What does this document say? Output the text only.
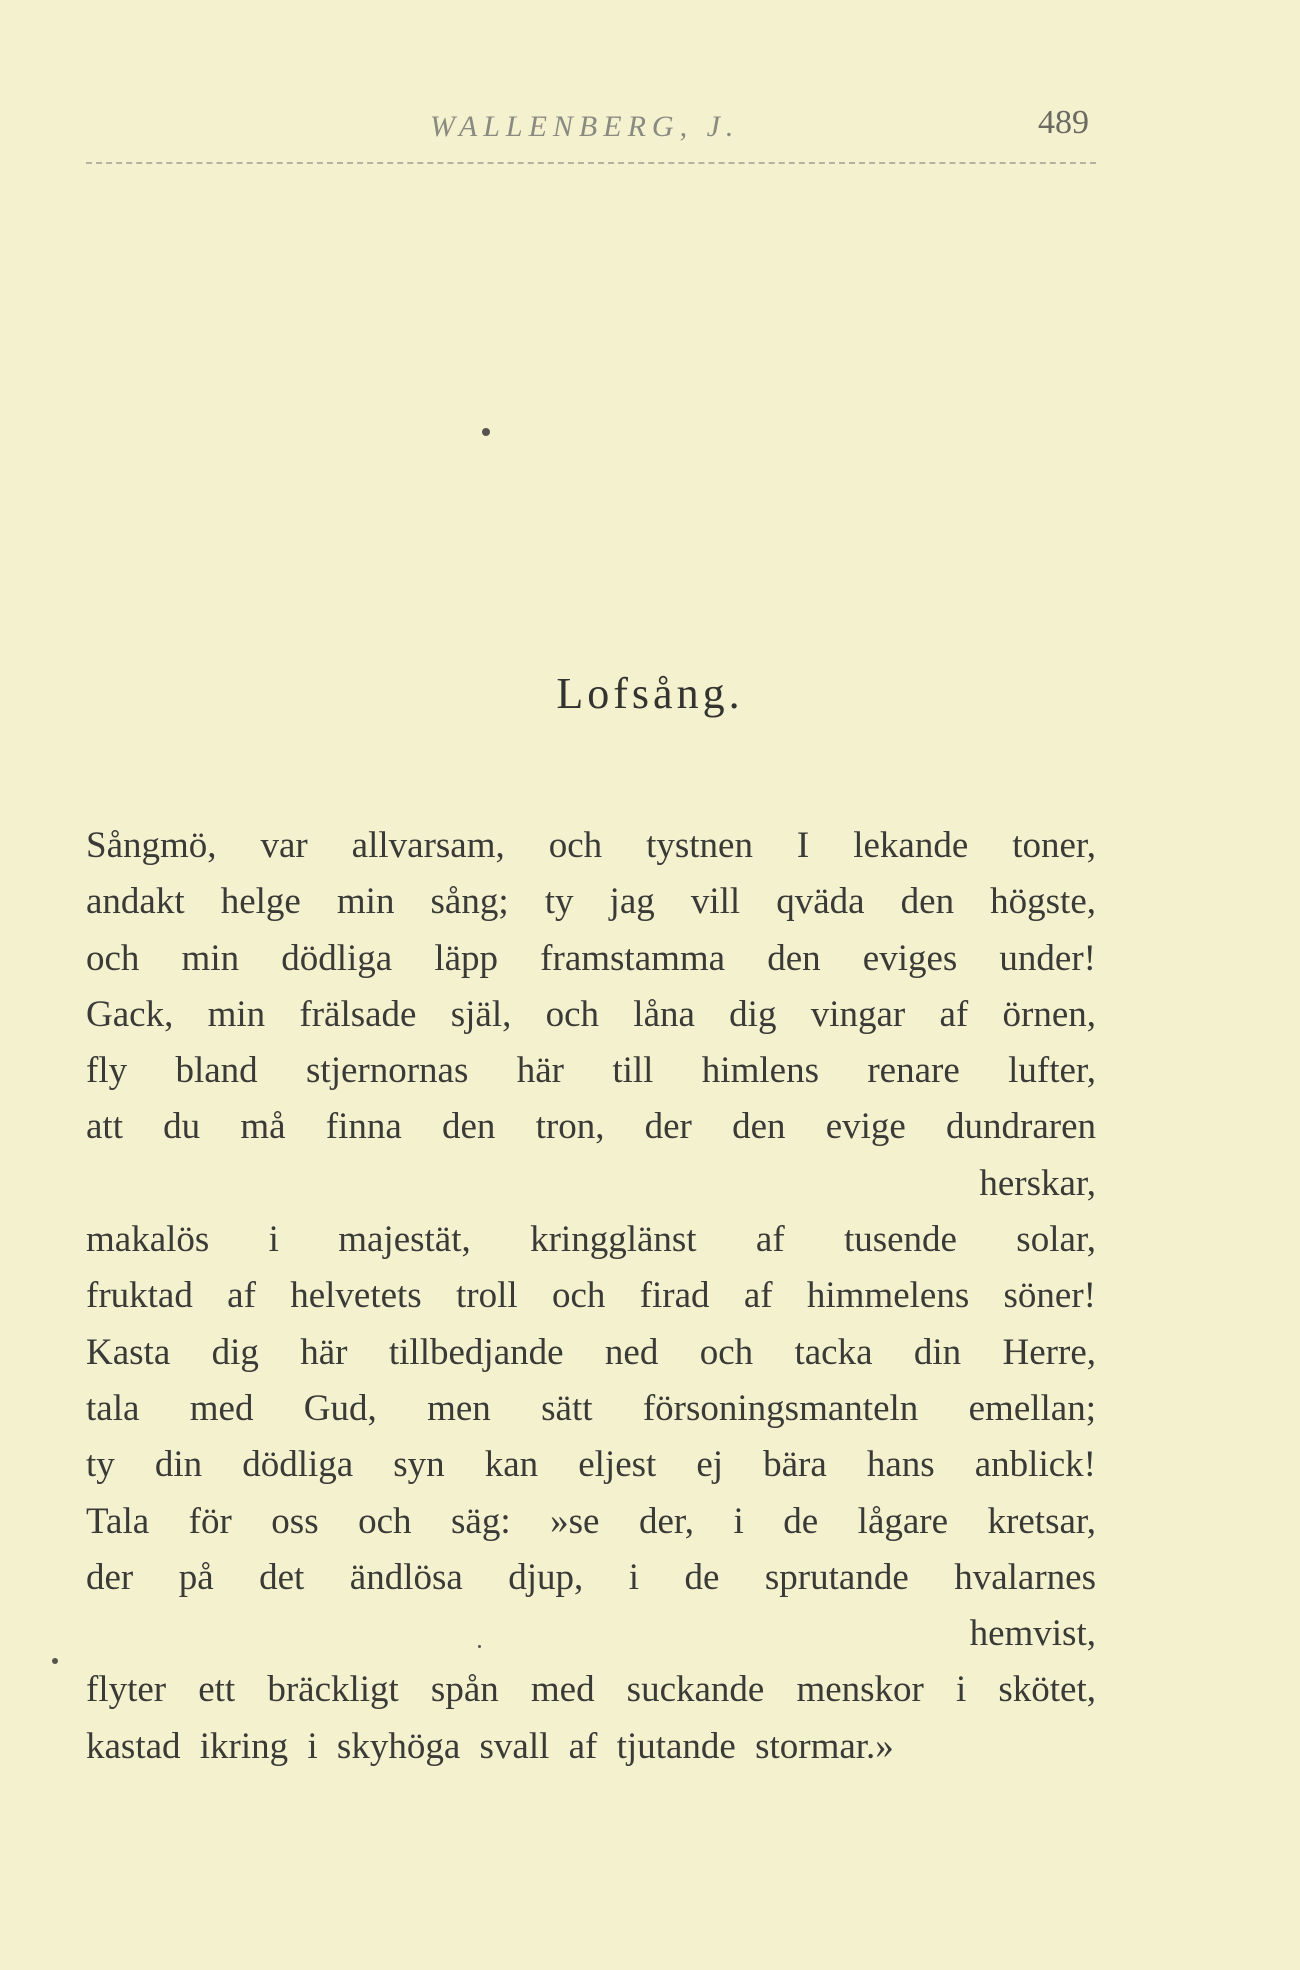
WALLENBERG, J.	489
Lofsång.
Sångmö, var allvarsam, och tystnen I lekande toner,
andakt helge min sång; ty jag vill qväda den högste,
och min dödliga läpp framstamma den eviges under!
Gack, min frälsade själ, och låna dig vingar af örnen,
fly bland stjernornas här till himlens renare lufter,
att du må finna den tron, der den evige dundraren
herskar,
makalös i majestät, kringglänst af tusende solar,
fruktad af helvetets troll och firad af himmelens söner!
Kasta dig här tillbedjande ned och tacka din Herre,
tala med Gud, men sätt försoningsmanteln emellan;
ty din dödliga syn kan eljest ej bära hans anblick!
Tala för oss och säg: »se der, i de lågare kretsar,
der på det ändlösa djup, i de sprutande hvalarnes
hemvist,
flyter ett bräckligt spån med suckande menskor i skötet,
kastad ikring i skyhöga svall af tjutande stormar.»
